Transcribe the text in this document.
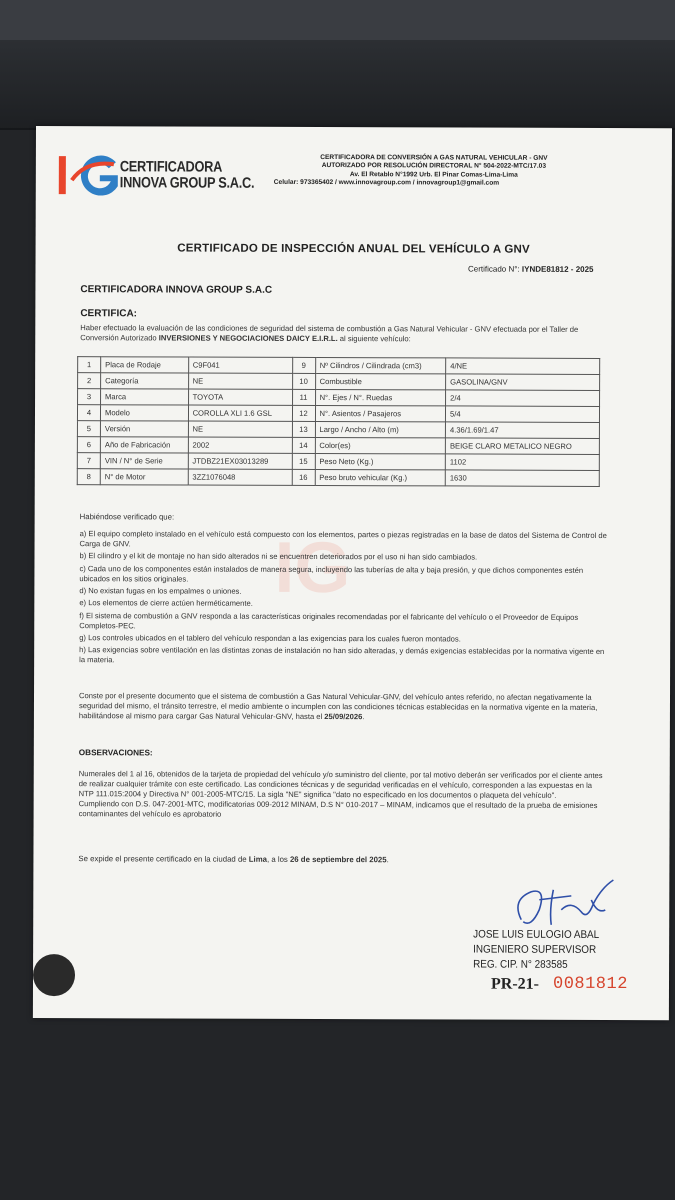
CERTIFICADORA
INNOVA GROUP S.A.C.
CERTIFICADORA DE CONVERSIÓN A GAS NATURAL VEHICULAR - GNV
AUTORIZADO POR RESOLUCIÓN DIRECTORAL N° 504-2022-MTC/17.03
Av. El Retablo N°1992 Urb. El Pinar Comas-Lima-Lima
Celular: 973365402 / www.innovagroup.com / innovagroup1@gmail.com
CERTIFICADO DE INSPECCIÓN ANUAL DEL VEHÍCULO A GNV
Certificado N°: IYNDE81812 - 2025
CERTIFICADORA INNOVA GROUP S.A.C
CERTIFICA:
Haber efectuado la evaluación de las condiciones de seguridad del sistema de combustión a Gas Natural Vehicular - GNV efectuada por el Taller de Conversión Autorizado INVERSIONES Y NEGOCIACIONES DAICY E.I.R.L. al siguiente vehículo:
1	Placa de Rodaje	C9F041	9	Nº Cilindros / Cilindrada (cm3)	4/NE
2	Categoría	NE	10	Combustible	GASOLINA/GNV
3	Marca	TOYOTA	11	N°. Ejes / N°. Ruedas	2/4
4	Modelo	COROLLA XLI 1.6 GSL	12	N°. Asientos / Pasajeros	5/4
5	Versión	NE	13	Largo / Ancho / Alto (m)	4.36/1.69/1.47
6	Año de Fabricación	2002	14	Color(es)	BEIGE CLARO METALICO NEGRO
7	VIN / N° de Serie	JTDBZ21EX03013289	15	Peso Neto (Kg.)	1102
8	N° de Motor	3ZZ1076048	16	Peso bruto vehicular (Kg.)	1630
IG
Habiéndose verificado que:

a) El equipo completo instalado en el vehículo está compuesto con los elementos, partes o piezas registradas en la base de datos del Sistema de Control de Carga de GNV.

b) El cilindro y el kit de montaje no han sido alterados ni se encuentren deteriorados por el uso ni han sido cambiados.

c) Cada uno de los componentes están instalados de manera segura, incluyendo las tuberías de alta y baja presión, y que dichos componentes estén ubicados en los sitios originales.

d) No existan fugas en los empalmes o uniones.

e) Los elementos de cierre actúen herméticamente.

f) El sistema de combustión a GNV responda a las características originales recomendadas por el fabricante del vehículo o el Proveedor de Equipos Completos-PEC.

g) Los controles ubicados en el tablero del vehículo respondan a las exigencias para los cuales fueron montados.

h) Las exigencias sobre ventilación en las distintas zonas de instalación no han sido alteradas, y demás exigencias establecidas por la normativa vigente en la materia.

Conste por el presente documento que el sistema de combustión a Gas Natural Vehicular-GNV, del vehículo antes referido, no afectan negativamente la seguridad del mismo, el tránsito terrestre, el medio ambiente o incumplen con las condiciones técnicas establecidas en la normativa vigente en la materia, habilitándose al mismo para cargar Gas Natural Vehicular-GNV, hasta el 25/09/2026.
OBSERVACIONES:

Numerales del 1 al 16, obtenidos de la tarjeta de propiedad del vehículo y/o suministro del cliente, por tal motivo deberán ser verificados por el cliente antes de realizar cualquier trámite con este certificado. Las condiciones técnicas y de seguridad verificadas en el vehículo, corresponden a las expuestas en la NTP 111.015:2004 y Directiva N° 001-2005-MTC/15. La sigla "NE" significa "dato no especificado en los documentos o plaqueta del vehículo".

Cumpliendo con D.S. 047-2001-MTC, modificatorias 009-2012 MINAM, D.S N° 010-2017 – MINAM, indicamos que el resultado de la prueba de emisiones contaminantes del vehículo es aprobatorio

Se expide el presente certificado en la ciudad de Lima, a los 26 de septiembre del 2025.
JOSE LUIS EULOGIO ABAL
INGENIERO SUPERVISOR
REG. CIP. N° 283585
PR-21- 0081812
